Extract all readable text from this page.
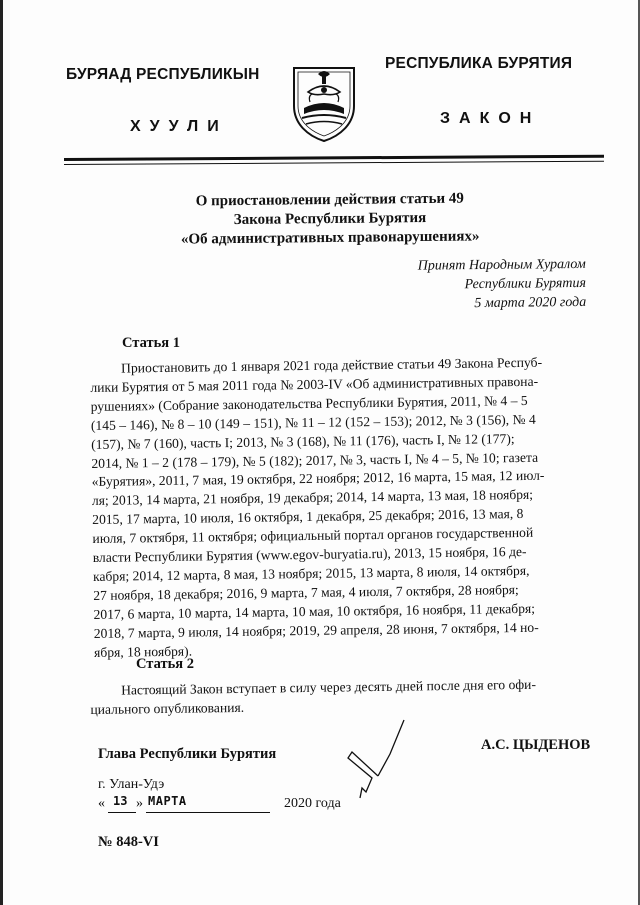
БУРЯАД РЕСПУБЛИКЫН
ХУУЛИ
РЕСПУБЛИКА БУРЯТИЯ
ЗАКОН
О приостановлении действия статьи 49
Закона Республики Бурятия
«Об административных правонарушениях»
Принят Народным Хуралом
Республики Бурятия
5 марта 2020 года
Статья 1
Приостановить до 1 января 2021 года действие статьи 49 Закона Респуб-
лики Бурятия от 5 мая 2011 года № 2003-IV «Об административных правона-
рушениях» (Собрание законодательства Республики Бурятия, 2011, № 4 – 5
(145 – 146), № 8 – 10 (149 – 151), № 11 – 12 (152 – 153); 2012, № 3 (156), № 4
(157), № 7 (160), часть I; 2013, № 3 (168), № 11 (176), часть I, № 12 (177);
2014, № 1 – 2 (178 – 179), № 5 (182); 2017, № 3, часть I, № 4 – 5, № 10; газета
«Бурятия», 2011, 7 мая, 19 октября, 22 ноября; 2012, 16 марта, 15 мая, 12 июл-
ля; 2013, 14 марта, 21 ноября, 19 декабря; 2014, 14 марта, 13 мая, 18 ноября;
2015, 17 марта, 10 июля, 16 октября, 1 декабря, 25 декабря; 2016, 13 мая, 8
июля, 7 октября, 11 октября; официальный портал органов государственной
власти Республики Бурятия (www.egov-buryatia.ru), 2013, 15 ноября, 16 де-
кабря; 2014, 12 марта, 8 мая, 13 ноября; 2015, 13 марта, 8 июля, 14 октября,
27 ноября, 18 декабря; 2016, 9 марта, 7 мая, 4 июля, 7 октября, 28 ноября;
2017, 6 марта, 10 марта, 14 марта, 10 мая, 10 октября, 16 ноября, 11 декабря;
2018, 7 марта, 9 июля, 14 ноября; 2019, 29 апреля, 28 июня, 7 октября, 14 но-
ября, 18 ноября).
Статья 2
Настоящий Закон вступает в силу через десять дней после дня его офи-
циального опубликования.
Глава Республики Бурятия
А.С. ЦЫДЕНОВ
г. Улан-Удэ
« 13 » МАРТА	2020 года
№ 848-VI
